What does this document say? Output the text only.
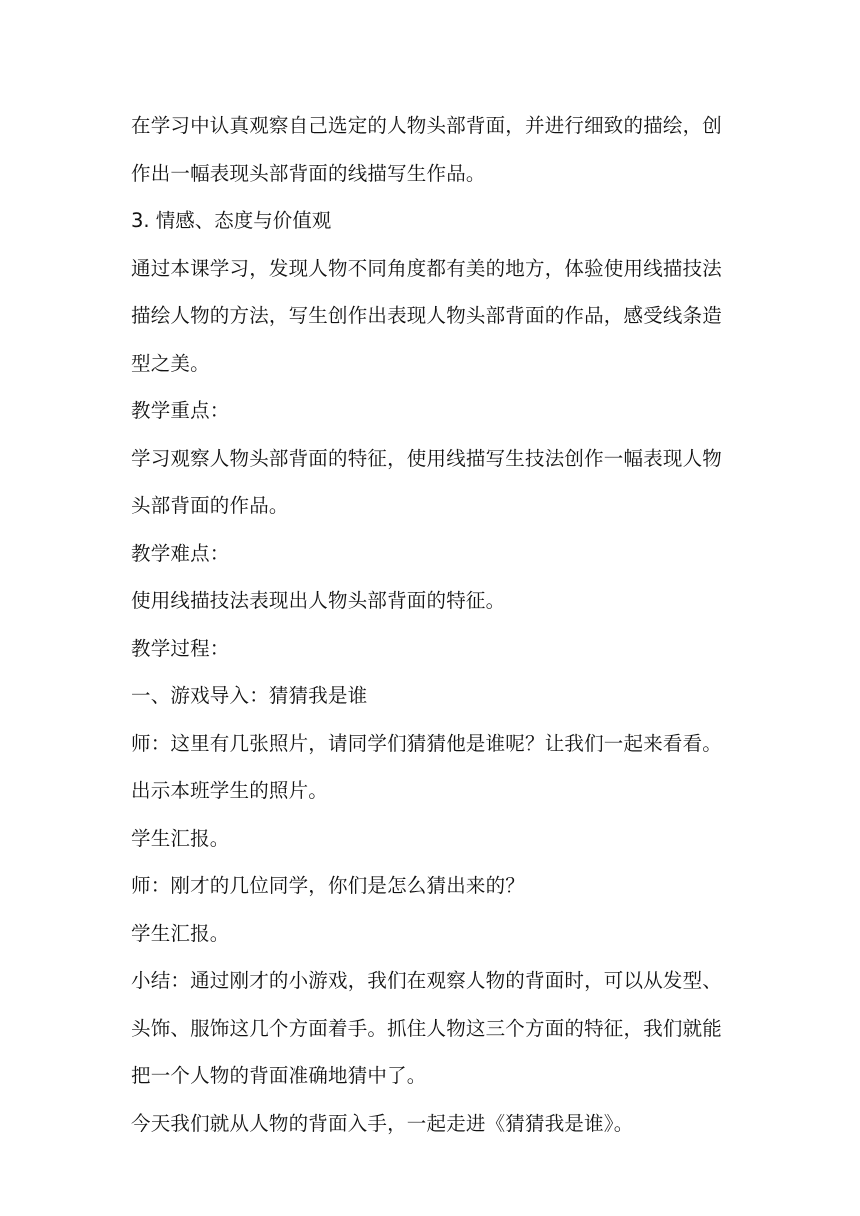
在学习中认真观察自己选定的人物头部背面，并进行细致的描绘，创
作出一幅表现头部背面的线描写生作品。
3. 情感、态度与价值观
通过本课学习，发现人物不同角度都有美的地方，体验使用线描技法
描绘人物的方法，写生创作出表现人物头部背面的作品，感受线条造
型之美。
教学重点：
学习观察人物头部背面的特征，使用线描写生技法创作一幅表现人物
头部背面的作品。
教学难点：
使用线描技法表现出人物头部背面的特征。
教学过程：
一、游戏导入：猜猜我是谁
师：这里有几张照片，请同学们猜猜他是谁呢？让我们一起来看看。
出示本班学生的照片。
学生汇报。
师：刚才的几位同学，你们是怎么猜出来的？
学生汇报。
小结：通过刚才的小游戏，我们在观察人物的背面时，可以从发型、
头饰、服饰这几个方面着手。抓住人物这三个方面的特征，我们就能
把一个人物的背面准确地猜中了。
今天我们就从人物的背面入手，一起走进《猜猜我是谁》。
